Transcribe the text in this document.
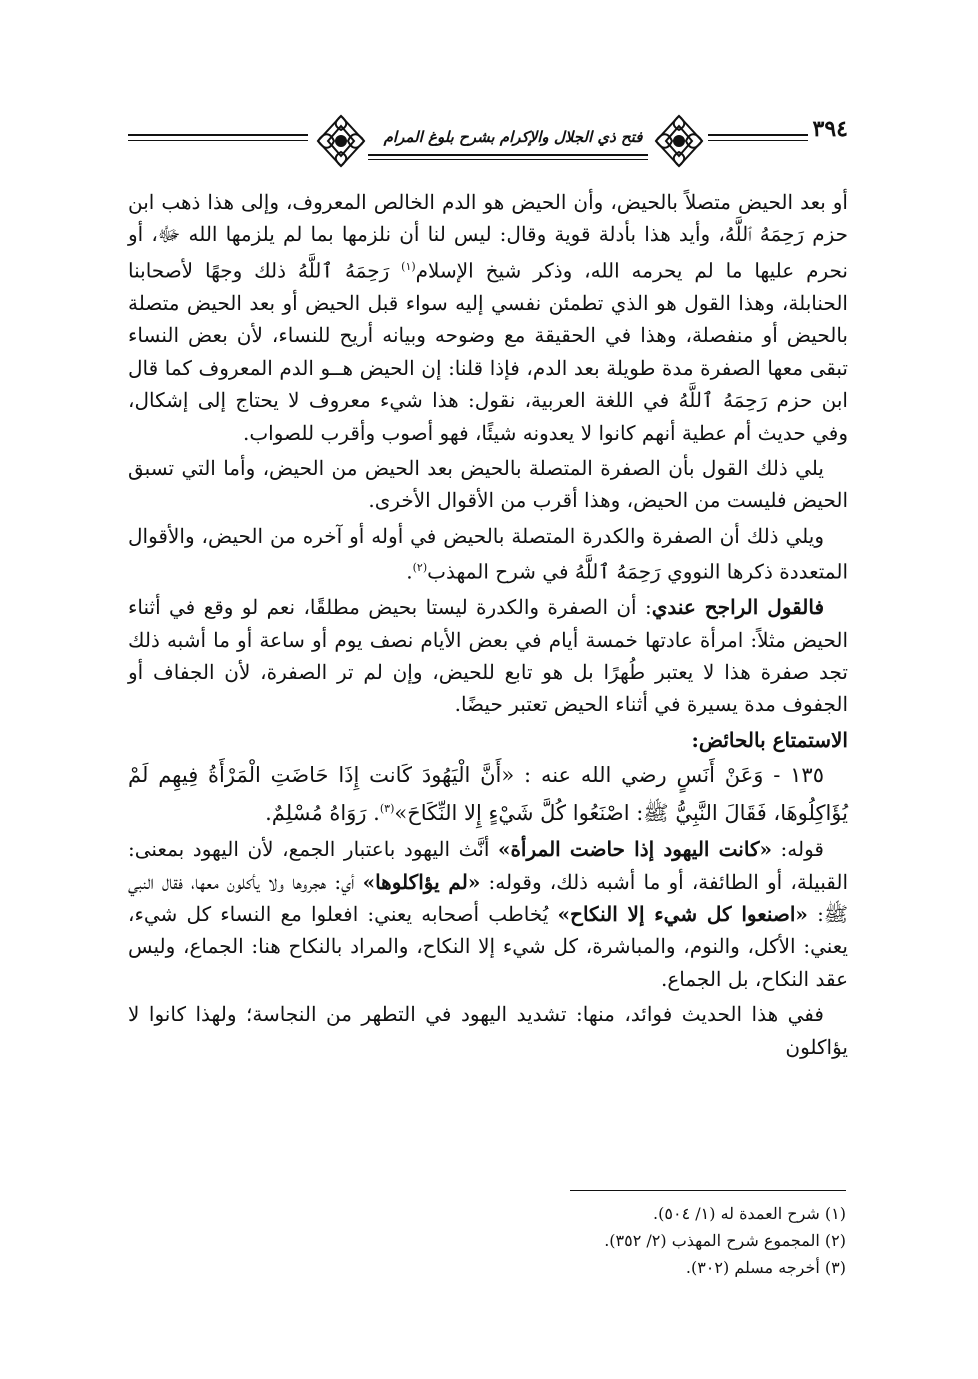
٣٩٤
فتح ذي الجلال والإكرام بشرح بلوغ المرام

أو بعد الحيض متصلاً بالحيض، وأن الحيض هو الدم الخالص المعروف، وإلى هذا ذهب ابن حزم رَحِمَهُ ٱللَّهُ، وأيد هذا بأدلة قوية وقال: ليس لنا أن نلزمها بما لم يلزمها الله ﷻ، أو نحرم عليها ما لم يحرمه الله، وذكر شيخ الإسلام$^{(١)}$ رَحِمَهُ ٱللَّهُ ذلك وجهًا لأصحابنا الحنابلة، وهذا القول هو الذي تطمئن نفسي إليه سواء قبل الحيض أو بعد الحيض متصلة بالحيض أو منفصلة، وهذا في الحقيقة مع وضوحه وبيانه أريح للنساء، لأن بعض النساء تبقى معها الصفرة مدة طويلة بعد الدم، فإذا قلنا: إن الحيض هــو الدم المعروف كما قال ابن حزم رَحِمَهُ ٱللَّهُ في اللغة العربية، نقول: هذا شيء معروف لا يحتاج إلى إشكال، وفي حديث أم عطية أنهم كانوا لا يعدونه شيئًا، فهو أصوب وأقرب للصواب.

يلي ذلك القول بأن الصفرة المتصلة بالحيض بعد الحيض من الحيض، وأما التي تسبق الحيض فليست من الحيض، وهذا أقرب من الأقوال الأخرى.

ويلي ذلك أن الصفرة والكدرة المتصلة بالحيض في أوله أو آخره من الحيض، والأقوال المتعددة ذكرها النووي رَحِمَهُ ٱللَّهُ في شرح المهذب$^{(٢)}$.

فالقول الراجح عندي: أن الصفرة والكدرة ليستا بحيض مطلقًا، نعم لو وقع في أثناء الحيض مثلاً: امرأة عادتها خمسة أيام في بعض الأيام نصف يوم أو ساعة أو ما أشبه ذلك تجد صفرة هذا لا يعتبر طُهرًا بل هو تابع للحيض، وإن لم تر الصفرة، لأن الجفاف أو الجفوف مدة يسيرة في أثناء الحيض تعتبر حيضًا.

الاستمتاع بالحائض:

١٣٥ - وَعَنْ أَنَسٍ رضي الله عنه : «أَنَّ الْيَهُودَ كَانت إِذَا حَاضَتِ الْمَرْأَةُ فِيهِم لَمْ يُؤَاكِلُوهَا، فَقَالَ النَّبِيُّ ﷺ: اصْنَعُوا كُلَّ شَيْءٍ إِلا النِّكَاحَ»$^{(٣)}$. رَوَاهُ مُسْلِمٌ.

قوله: «كانت اليهود إذا حاضت المرأة» أنَّث اليهود باعتبار الجمع، لأن اليهود بمعنى: القبيلة، أو الطائفة، أو ما أشبه ذلك، وقوله: «لم يؤاكلوها» أي: هجروها ولا يأكلون معها، فقال النبي ﷺ: «اصنعوا كل شيء إلا النكاح» يُخاطب أصحابه يعني: افعلوا مع النساء كل شيء، يعني: الأكل، والنوم، والمباشرة، كل شيء إلا النكاح، والمراد بالنكاح هنا: الجماع، وليس عقد النكاح، بل الجماع.

ففي هذا الحديث فوائد، منها: تشديد اليهود في التطهر من النجاسة؛ ولهذا كانوا لا يؤاكلون

(١) شرح العمدة له (١/ ٥٠٤).
(٢) المجموع شرح المهذب (٢/ ٣٥٢).
(٣) أخرجه مسلم (٣٠٢).
